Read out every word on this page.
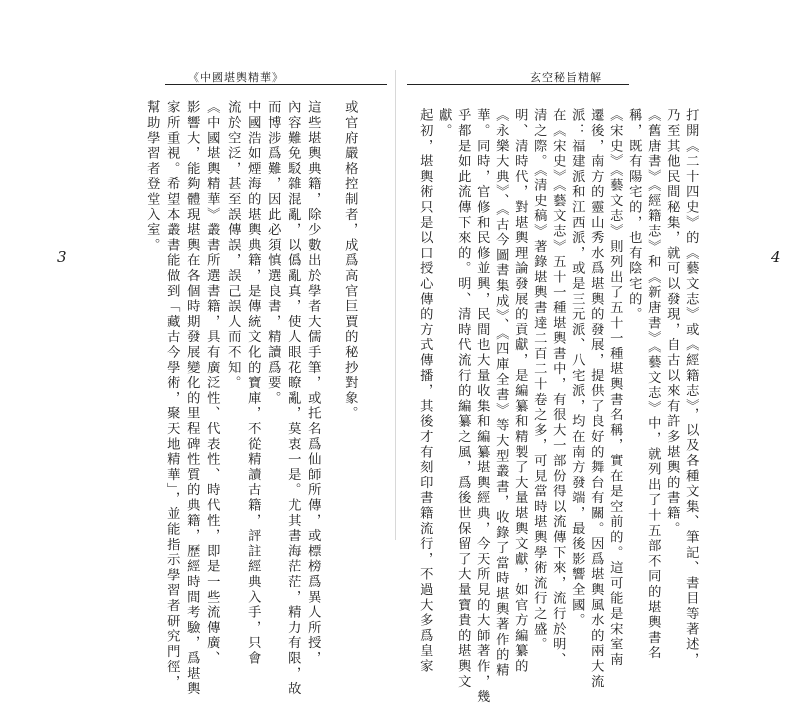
《中國堪輿精華》
3	或官府嚴格控制者，成爲高官巨賈的秘抄對象。
這些堪輿典籍，除少數出於學者大儒手筆，或托名爲仙師所傳，或標榜爲異人所授，
內容難免駁雜混亂，以僞亂真，使人眼花瞭亂，莫衷一是。尤其書海茫茫，精力有限，故
而博涉爲難，因此必須慎選良書，精讀爲要。
中國浩如煙海的堪輿典籍，是傳統文化的寶庫，不從精讀古籍，評註經典入手，只會
流於空泛，甚至誤傳誤，誤己誤人而不知。
《中國堪輿精華》叢書所選書籍，具有廣泛性、代表性、時代性，即是一些流傳廣、
影響大，能夠體現堪輿在各個時期發展變化的里程碑性質的典籍，歷經時間考驗，爲堪輿
家所重視。希望本叢書能做到「藏古今學術，聚天地精華」，並能指示學習者研究門徑，
幫助學習者登堂入室。
玄空秘旨精解
4
打開《二十四史》的《藝文志》或《經籍志》，以及各種文集、筆記、書目等著述，
乃至其他民間秘集，就可以發現，自古以來有許多堪輿的書籍。
《舊唐書》《經籍志》和《新唐書》《藝文志》中，就列出了十五部不同的堪輿書名
稱，既有陽宅的，也有陰宅的。
《宋史》《藝文志》則列出了五十一種堪輿書名稱，實在是空前的。這可能是宋室南
遷後，南方的靈山秀水爲堪輿的發展，提供了良好的舞台有關。因爲堪輿風水的兩大流
派：福建派和江西派，或是三元派、八宅派，均在南方發端，最後影響全國。
在《宋史》《藝文志》五十一種堪輿書中，有很大一部份得以流傳下來，流行於明、
清之際。《清史稿》著錄堪輿書達二百二十卷之多，可見當時堪輿學術流行之盛。
明、清時代，對堪輿理論發展的貢獻，是編纂和精製了大量堪輿文獻，如官方編纂的
《永樂大典》、《古今圖書集成》、《四庫全書》等大型叢書，收錄了當時堪輿著作的精
華。同時，官修和民修並興，民間也大量收集和編纂堪輿經典，今天所見的大師著作，幾
乎都是如此流傳下來的。明、清時代流行的編纂之風，爲後世保留了大量寶貴的堪輿文
獻。
起初，堪輿術只是以口授心傳的方式傳播，其後才有刻印書籍流行，不過大多爲皇家
